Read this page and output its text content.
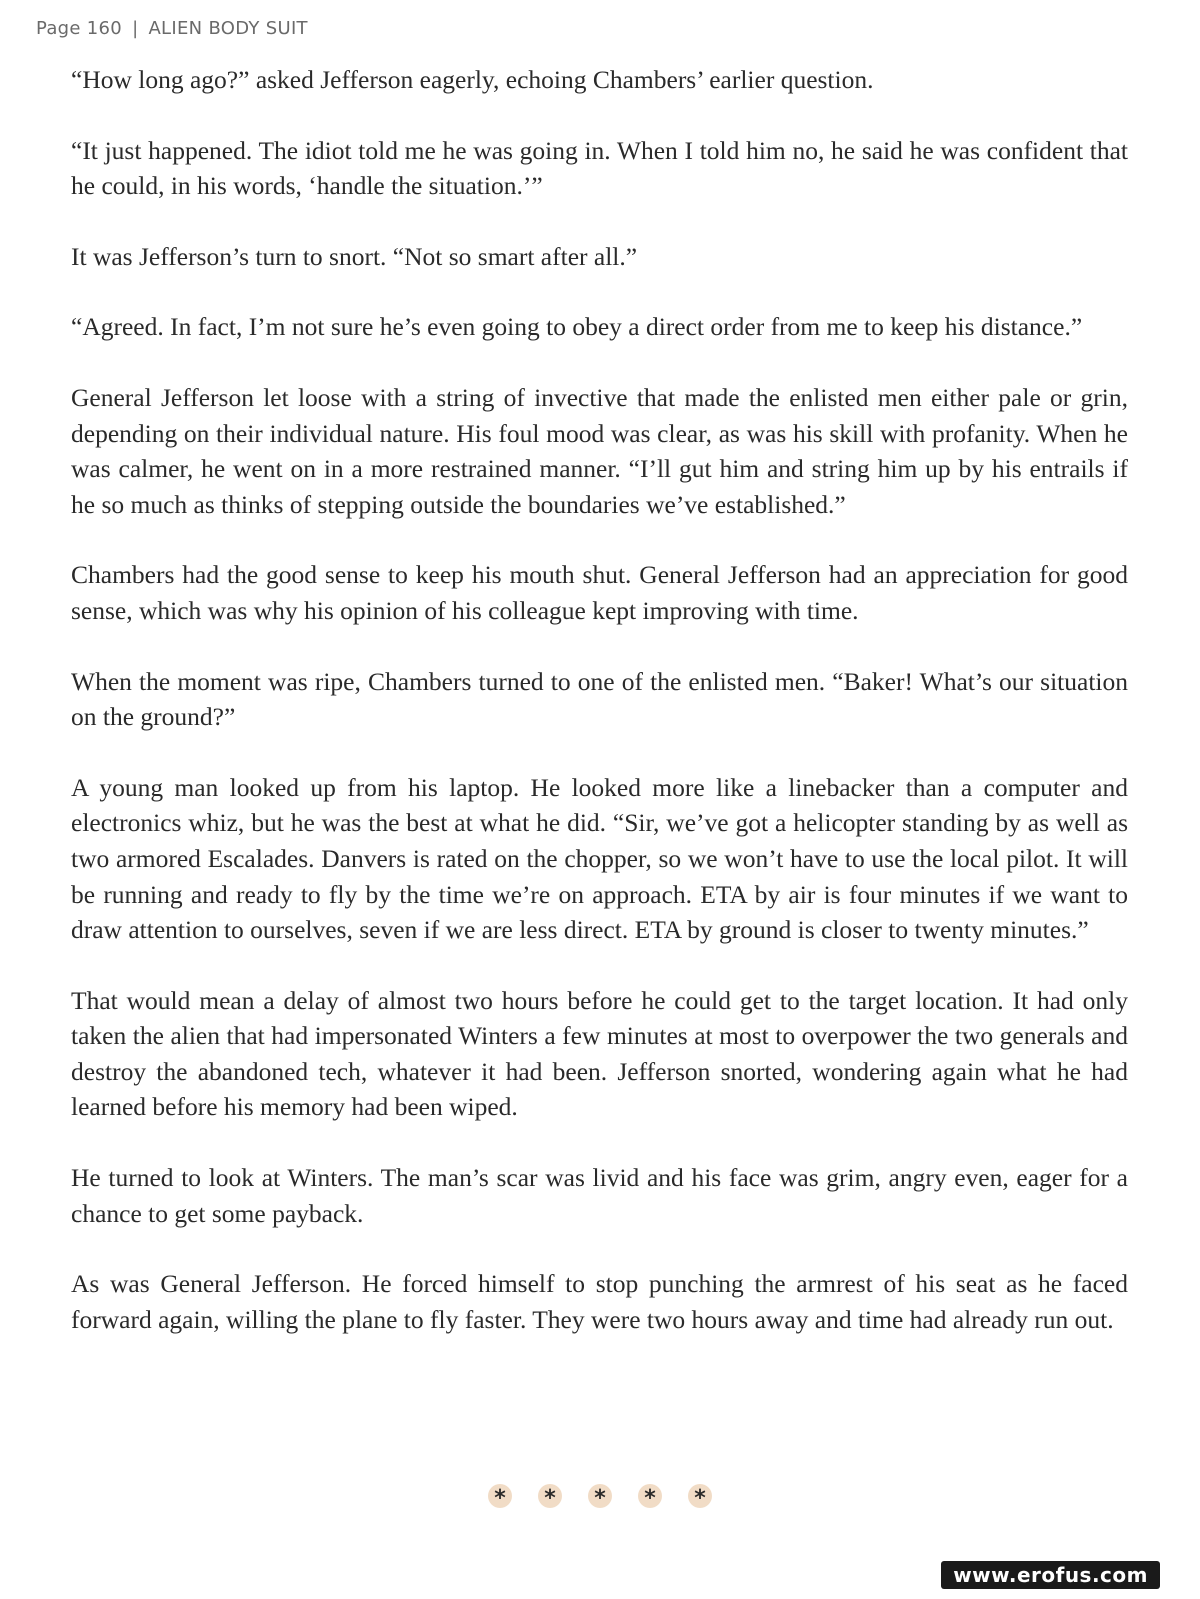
Page 160 | ALIEN BODY SUIT

“How long ago?” asked Jefferson eagerly, echoing Chambers’ earlier question.

“It just happened. The idiot told me he was going in. When I told him no, he said he was confident that he could, in his words, ‘handle the situation.’”

It was Jefferson’s turn to snort. “Not so smart after all.”

“Agreed. In fact, I’m not sure he’s even going to obey a direct order from me to keep his distance.”

General Jefferson let loose with a string of invective that made the enlisted men either pale or grin, depending on their individual nature. His foul mood was clear, as was his skill with profanity. When he was calmer, he went on in a more restrained manner. “I’ll gut him and string him up by his entrails if he so much as thinks of stepping outside the boundaries we’ve established.”

Chambers had the good sense to keep his mouth shut. General Jefferson had an appreciation for good sense, which was why his opinion of his colleague kept improving with time.

When the moment was ripe, Chambers turned to one of the enlisted men. “Baker! What’s our situation on the ground?”

A young man looked up from his laptop. He looked more like a linebacker than a computer and electronics whiz, but he was the best at what he did. “Sir, we’ve got a helicopter standing by as well as two armored Escalades. Danvers is rated on the chopper, so we won’t have to use the local pilot. It will be running and ready to fly by the time we’re on approach. ETA by air is four minutes if we want to draw attention to ourselves, seven if we are less direct. ETA by ground is closer to twenty minutes.”

That would mean a delay of almost two hours before he could get to the target location. It had only taken the alien that had impersonated Winters a few minutes at most to overpower the two generals and destroy the abandoned tech, whatever it had been. Jefferson snorted, wondering again what he had learned before his memory had been wiped.

He turned to look at Winters. The man’s scar was livid and his face was grim, angry even, eager for a chance to get some payback.

As was General Jefferson. He forced himself to stop punching the armrest of his seat as he faced forward again, willing the plane to fly faster. They were two hours away and time had already run out.

* * * * *
www.erofus.com
